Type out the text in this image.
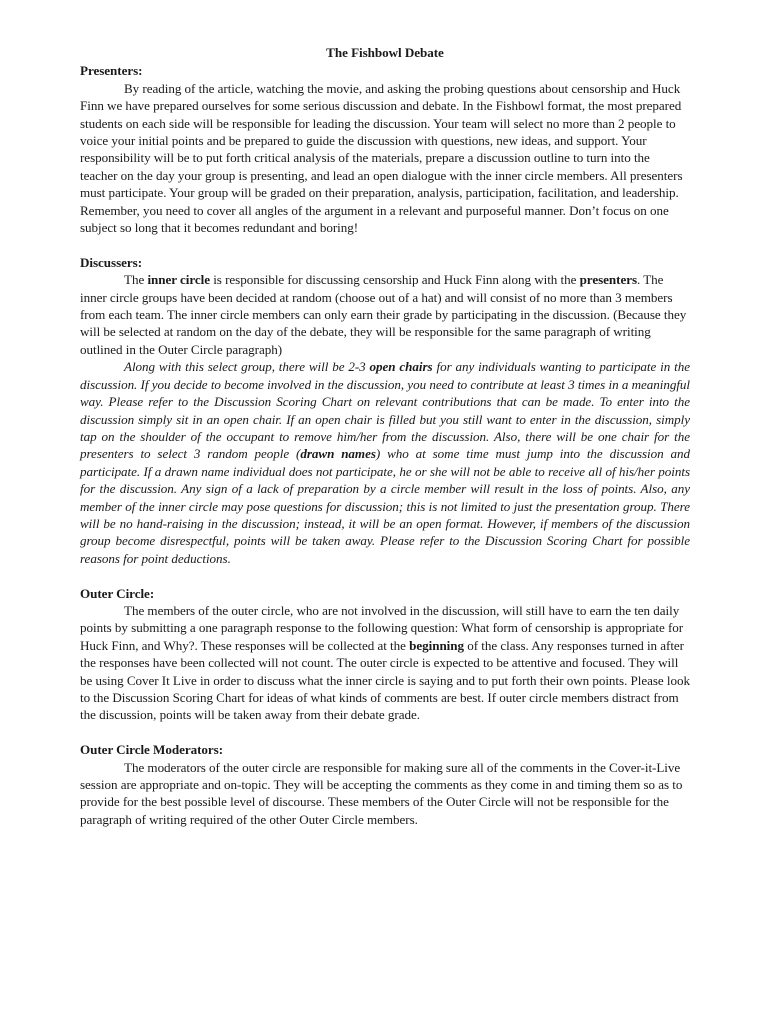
The Fishbowl Debate
Presenters:

By reading of the article, watching the movie, and asking the probing questions about censorship and Huck Finn we have prepared ourselves for some serious discussion and debate. In the Fishbowl format, the most prepared students on each side will be responsible for leading the discussion. Your team will select no more than 2 people to voice your initial points and be prepared to guide the discussion with questions, new ideas, and support. Your responsibility will be to put forth critical analysis of the materials, prepare a discussion outline to turn into the teacher on the day your group is presenting, and lead an open dialogue with the inner circle members. All presenters must participate. Your group will be graded on their preparation, analysis, participation, facilitation, and leadership. Remember, you need to cover all angles of the argument in a relevant and purposeful manner. Don’t focus on one subject so long that it becomes redundant and boring!

Discussers:

The inner circle is responsible for discussing censorship and Huck Finn along with the presenters. The inner circle groups have been decided at random (choose out of a hat) and will consist of no more than 3 members from each team. The inner circle members can only earn their grade by participating in the discussion. (Because they will be selected at random on the day of the debate, they will be responsible for the same paragraph of writing outlined in the Outer Circle paragraph)

Along with this select group, there will be 2-3 open chairs for any individuals wanting to participate in the discussion. If you decide to become involved in the discussion, you need to contribute at least 3 times in a meaningful way. Please refer to the Discussion Scoring Chart on relevant contributions that can be made. To enter into the discussion simply sit in an open chair. If an open chair is filled but you still want to enter in the discussion, simply tap on the shoulder of the occupant to remove him/her from the discussion. Also, there will be one chair for the presenters to select 3 random people (drawn names) who at some time must jump into the discussion and participate. If a drawn name individual does not participate, he or she will not be able to receive all of his/her points for the discussion. Any sign of a lack of preparation by a circle member will result in the loss of points. Also, any member of the inner circle may pose questions for discussion; this is not limited to just the presentation group. There will be no hand-raising in the discussion; instead, it will be an open format. However, if members of the discussion group become disrespectful, points will be taken away. Please refer to the Discussion Scoring Chart for possible reasons for point deductions.

Outer Circle:

The members of the outer circle, who are not involved in the discussion, will still have to earn the ten daily points by submitting a one paragraph response to the following question: What form of censorship is appropriate for Huck Finn, and Why?. These responses will be collected at the beginning of the class. Any responses turned in after the responses have been collected will not count. The outer circle is expected to be attentive and focused. They will be using Cover It Live in order to discuss what the inner circle is saying and to put forth their own points. Please look to the Discussion Scoring Chart for ideas of what kinds of comments are best. If outer circle members distract from the discussion, points will be taken away from their debate grade.

Outer Circle Moderators:

The moderators of the outer circle are responsible for making sure all of the comments in the Cover-it-Live session are appropriate and on-topic. They will be accepting the comments as they come in and timing them so as to provide for the best possible level of discourse. These members of the Outer Circle will not be responsible for the paragraph of writing required of the other Outer Circle members.
